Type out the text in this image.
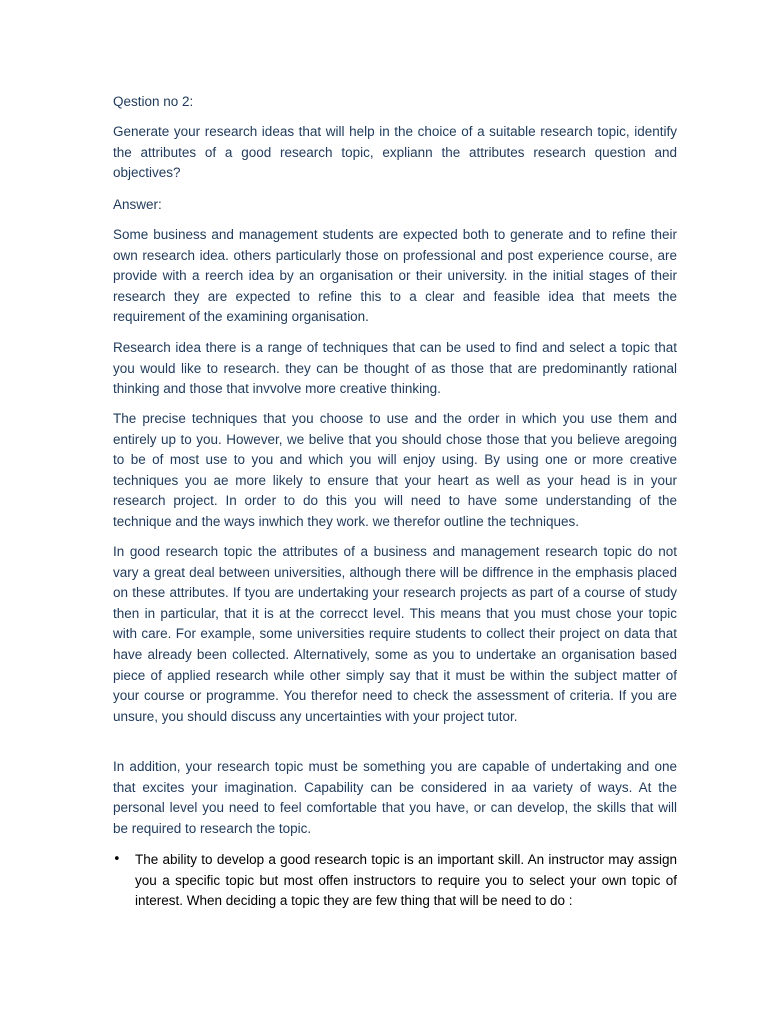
Qestion no 2:

Generate your research ideas that will help in the choice of a suitable research topic, identify the attributes of a good research topic, expliann the attributes research question and objectives?

Answer:

Some business and management students are expected both to generate and to refine their own research idea. others particularly those on professional and post experience course, are provide with a reerch idea by an organisation or their university. in the initial stages of their research they are expected to refine this to a clear and feasible idea that meets the requirement of the examining organisation.

Research idea there is a range of techniques that can be used to find and select a topic that you would like to research. they can be thought of as those that are predominantly rational thinking and those that invvolve more creative thinking.

The precise techniques that you choose to use and the order in which you use them and entirely up to you. However, we belive that you should chose those that you believe aregoing to be of most use to you and which you will enjoy using. By using one or more creative techniques you ae more likely to ensure that your heart as well as your head is in your research project. In order to do this you will need to have some understanding of the technique and the ways inwhich they work. we therefor outline the techniques.

In good research topic the attributes of a business and management research topic do not vary a great deal between universities, although there will be diffrence in the emphasis placed on these attributes. If tyou are undertaking your research projects as part of a course of study then in particular, that it is at the correcct level. This means that you must chose your topic with care. For example, some universities require students to collect their project on data that have already been collected. Alternatively, some as you to undertake an organisation based piece of applied research while other simply say that it must be within the subject matter of your course or programme. You therefor need to check the assessment of criteria. If you are unsure, you should discuss any uncertainties with your project tutor.

In addition, your research topic must be something you are capable of undertaking and one that excites your imagination. Capability can be considered in aa variety of ways. At the personal level you need to feel comfortable that you have, or can develop, the skills that will be required to research the topic.

• The ability to develop a good research topic is an important skill. An instructor may assign you a specific topic but most offen instructors to require you to select your own topic of interest. When deciding a topic they are few thing that will be need to do :
